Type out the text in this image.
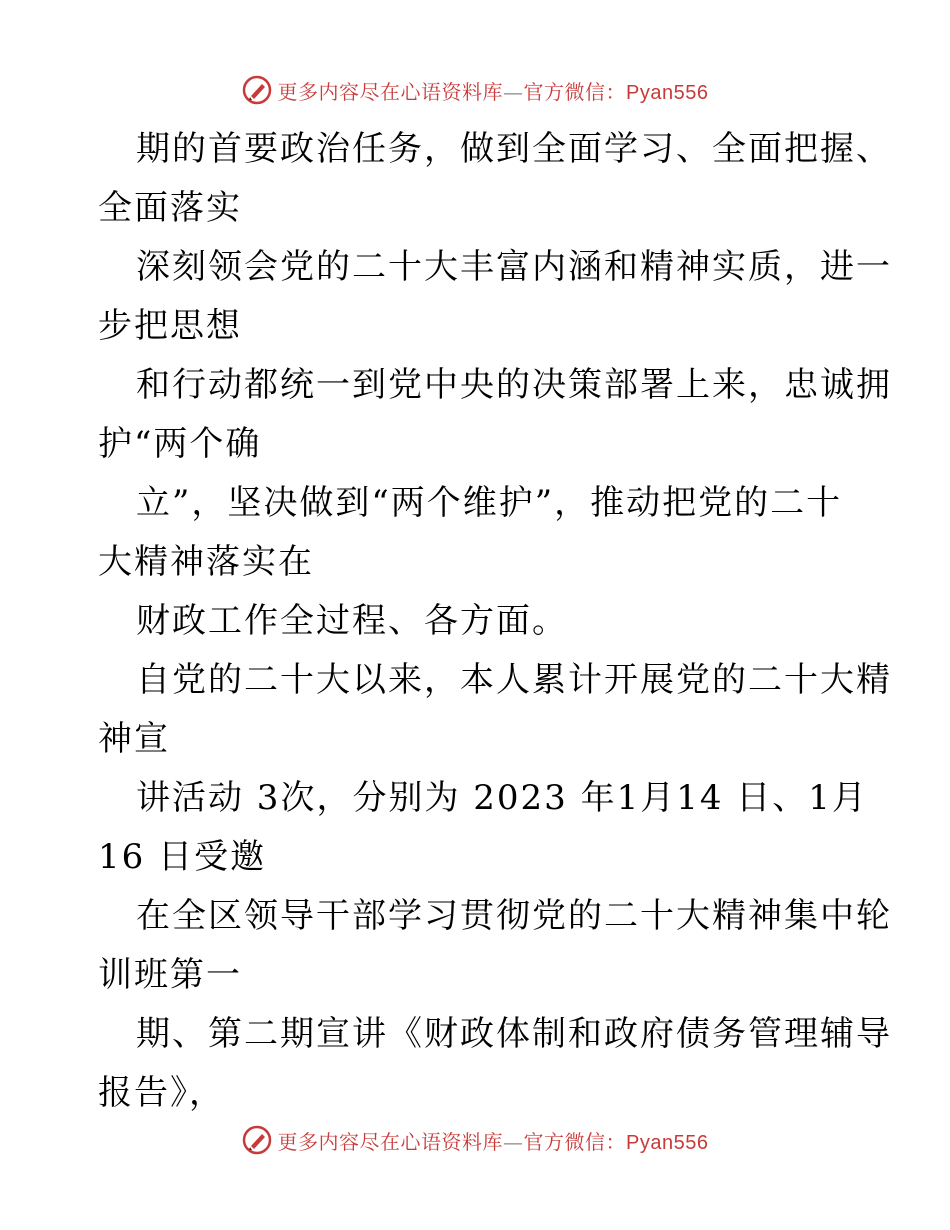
更多内容尽在心语资料库—官方微信：Pyan556
期的首要政治任务，做到全面学习、全面把握、
全面落实
深刻领会党的二十大丰富内涵和精神实质，进一
步把思想
和行动都统一到党中央的决策部署上来，忠诚拥
护“两个确
立”，坚决做到“两个维护”，推动把党的二十
大精神落实在
财政工作全过程、各方面。
自党的二十大以来，本人累计开展党的二十大精
神宣
讲活动 3次，分别为 2023 年1月14 日、1月
16 日受邀
在全区领导干部学习贯彻党的二十大精神集中轮
训班第一
期、第二期宣讲《财政体制和政府债务管理辅导
报告》，
更多内容尽在心语资料库—官方微信：Pyan556
